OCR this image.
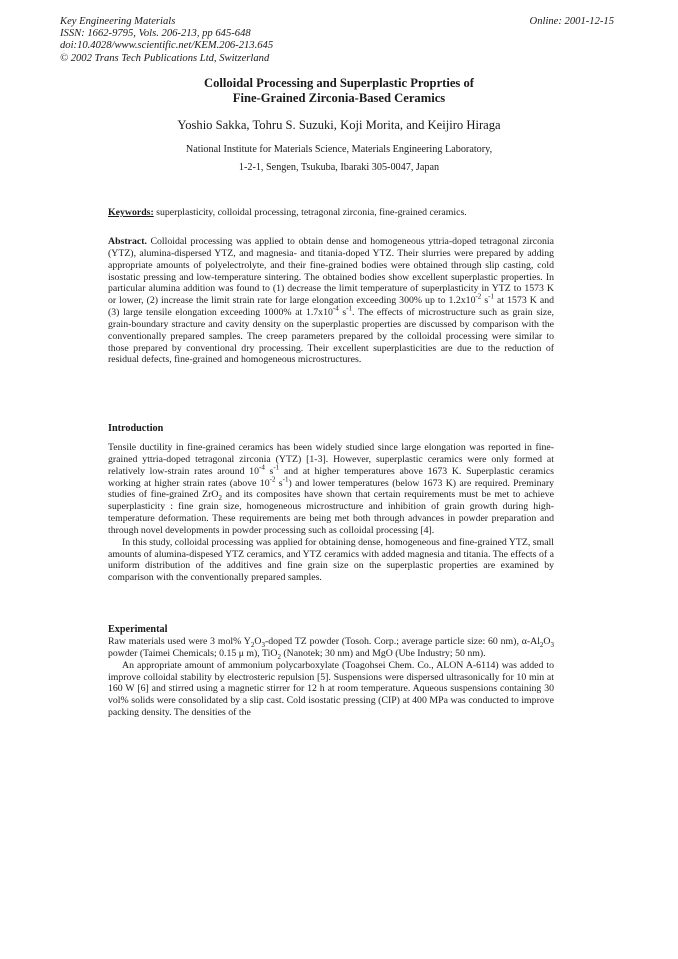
Key Engineering Materials
ISSN: 1662-9795, Vols. 206-213, pp 645-648
doi:10.4028/www.scientific.net/KEM.206-213.645
© 2002 Trans Tech Publications Ltd, Switzerland
Online: 2001-12-15
Colloidal Processing and Superplastic Proprties of
Fine-Grained Zirconia-Based Ceramics
Yoshio Sakka, Tohru S. Suzuki, Koji Morita, and Keijiro Hiraga
National Institute for Materials Science, Materials Engineering Laboratory,
1-2-1, Sengen, Tsukuba, Ibaraki 305-0047, Japan
Keywords: superplasticity, colloidal processing, tetragonal zirconia, fine-grained ceramics.

Abstract. Colloidal processing was applied to obtain dense and homogeneous yttria-doped tetragonal zirconia (YTZ), alumina-dispersed YTZ, and magnesia- and titania-doped YTZ. Their slurries were prepared by adding appropriate amounts of polyelectrolyte, and their fine-grained bodies were obtained through slip casting, cold isostatic pressing and low-temperature sintering. The obtained bodies show excellent superplastic properties. In particular alumina addition was found to (1) decrease the limit temperature of superplasticity in YTZ to 1573 K or lower, (2) increase the limit strain rate for large elongation exceeding 300% up to $1.2x10^{-2}$ $s^{-1}$ at 1573 K and (3) large tensile elongation exceeding 1000% at $1.7x10^{-4}$ $s^{-1}$. The effects of microstructure such as grain size, grain-boundary stracture and cavity density on the superplastic properties are discussed by comparison with the conventionally prepared samples. The creep parameters prepared by the colloidal processing were similar to those prepared by conventional dry processing. Their excellent superplasticities are due to the reduction of residual defects, fine-grained and homogeneous microstructures.

Introduction

Tensile ductility in fine-grained ceramics has been widely studied since large elongation was reported in fine-grained yttria-doped tetragonal zirconia (YTZ) [1-3]. However, superplastic ceramics were only formed at relatively low-strain rates around $10^{-4}$ $s^{-1}$ and at higher temperatures above 1673 K. Superplastic ceramics working at higher strain rates (above $10^{-2}$ $s^{-1}$) and lower temperatures (below 1673 K) are required. Preminary studies of fine-grained ZrO$_2$ and its composites have shown that certain requirements must be met to achieve superplasticity : fine grain size, homogeneous microstructure and inhibition of grain growth during high-temperature deformation. These requirements are being met both through advances in powder preparation and through novel developments in powder processing such as colloidal processing [4].

In this study, colloidal processing was applied for obtaining dense, homogeneous and fine-grained YTZ, small amounts of alumina-dispesed YTZ ceramics, and YTZ ceramics with added magnesia and titania. The effects of a uniform distribution of the additives and fine grain size on the superplastic properties are examined by comparison with the conventionally prepared samples.

Experimental

Raw materials used were 3 mol% $Y_2O_3$-doped TZ powder (Tosoh. Corp.; average particle size: 60 nm), $\alpha-Al_2O_3$ powder (Taimei Chemicals; 0.15 μ m), TiO$_2$ (Nanotek; 30 nm) and MgO (Ube Industry; 50 nm).

An appropriate amount of ammonium polycarboxylate (Toagohsei Chem. Co., ALON A-6114) was added to improve colloidal stability by electrosteric repulsion [5]. Suspensions were dispersed ultrasonically for 10 min at 160 W [6] and stirred using a magnetic stirrer for 12 h at room temperature. Aqueous suspensions containing 30 vol% solids were consolidated by a slip cast. Cold isostatic pressing (CIP) at 400 MPa was conducted to improve packing density. The densities of the
